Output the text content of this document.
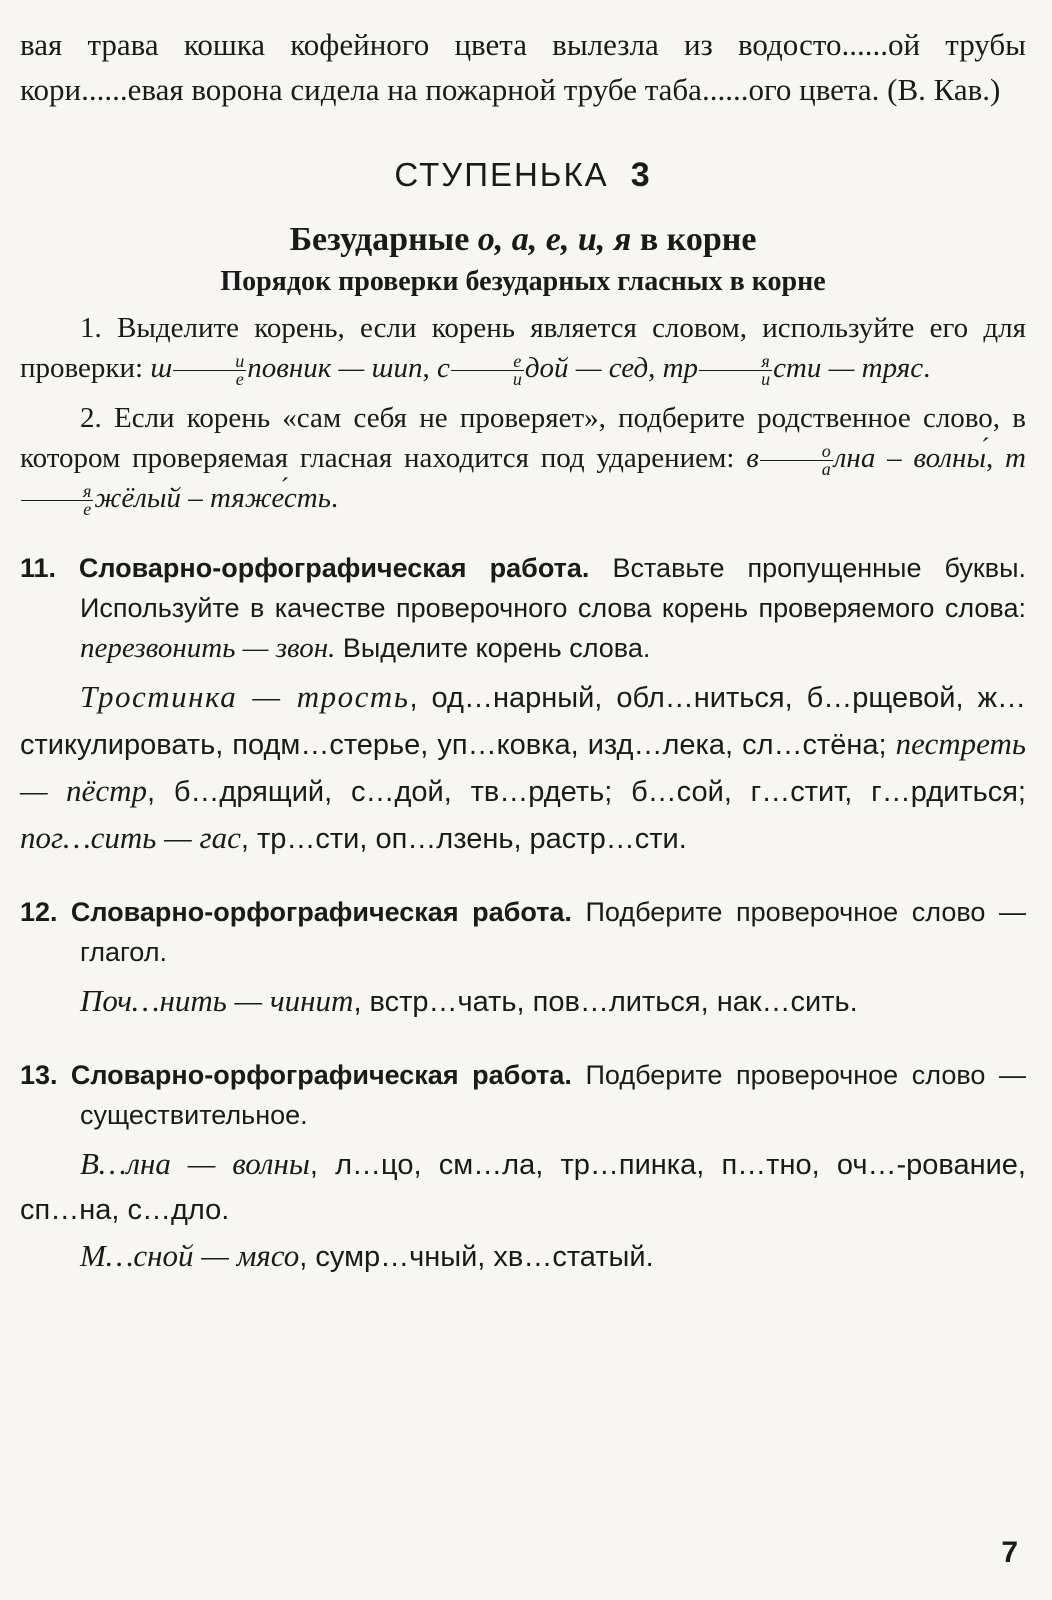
вая трава кошка кофейного цвета вылезла из водосто......ой трубы кори......евая ворона сидела на пожарной трубе таба......ого цвета. (В. Кав.)

СТУПЕНЬКА 3
Безударные о, а, е, и, я в корне
Порядок проверки безударных гласных в корне

1. Выделите корень, если корень является словом, используйте его для проверки: ш $\frac{и}{е}$ повник — шип, с $\frac{е}{и}$ дой — сед, тр $\frac{я}{и}$ сти — тряс.

2. Если корень «сам себя не проверяет», подберите родственное слово, в котором проверяемая гласная находится под ударением: в $\frac{о}{а}$ лна – ´ волны, т
$\frac{я}{е}$ жёлый – ´ тяжесть.

11. Словарно-орфографическая работа. Вставьте пропущенные буквы. Используйте в качестве проверочного слова корень проверяемого слова: перезвонить — звон. Выделите корень слова.

Тростинка — трость, од…нарный, обл…ниться, б…рщевой, ж…стикулировать, подм…стерье, уп…ковка, изд…лека, сл…стёна; пестреть — пёстр, б…дрящий, с…дой, тв…рдеть; б…сой, г…стит, г…рдиться; пог…сить — гас, тр…сти, оп…лзень, растр…сти.

12. Словарно-орфографическая работа. Подберите проверочное слово — глагол.

Поч…нить — чинит, встр…чать, пов…литься, нак…сить.

13. Словарно-орфографическая работа. Подберите проверочное слово — существительное.

В…лна — волны, л…цо, см…ла, тр…пинка, п…тно, оч…-рование, сп…на, с…дло.

М…сной — мясо, сумр…чный, хв…статый.

7
